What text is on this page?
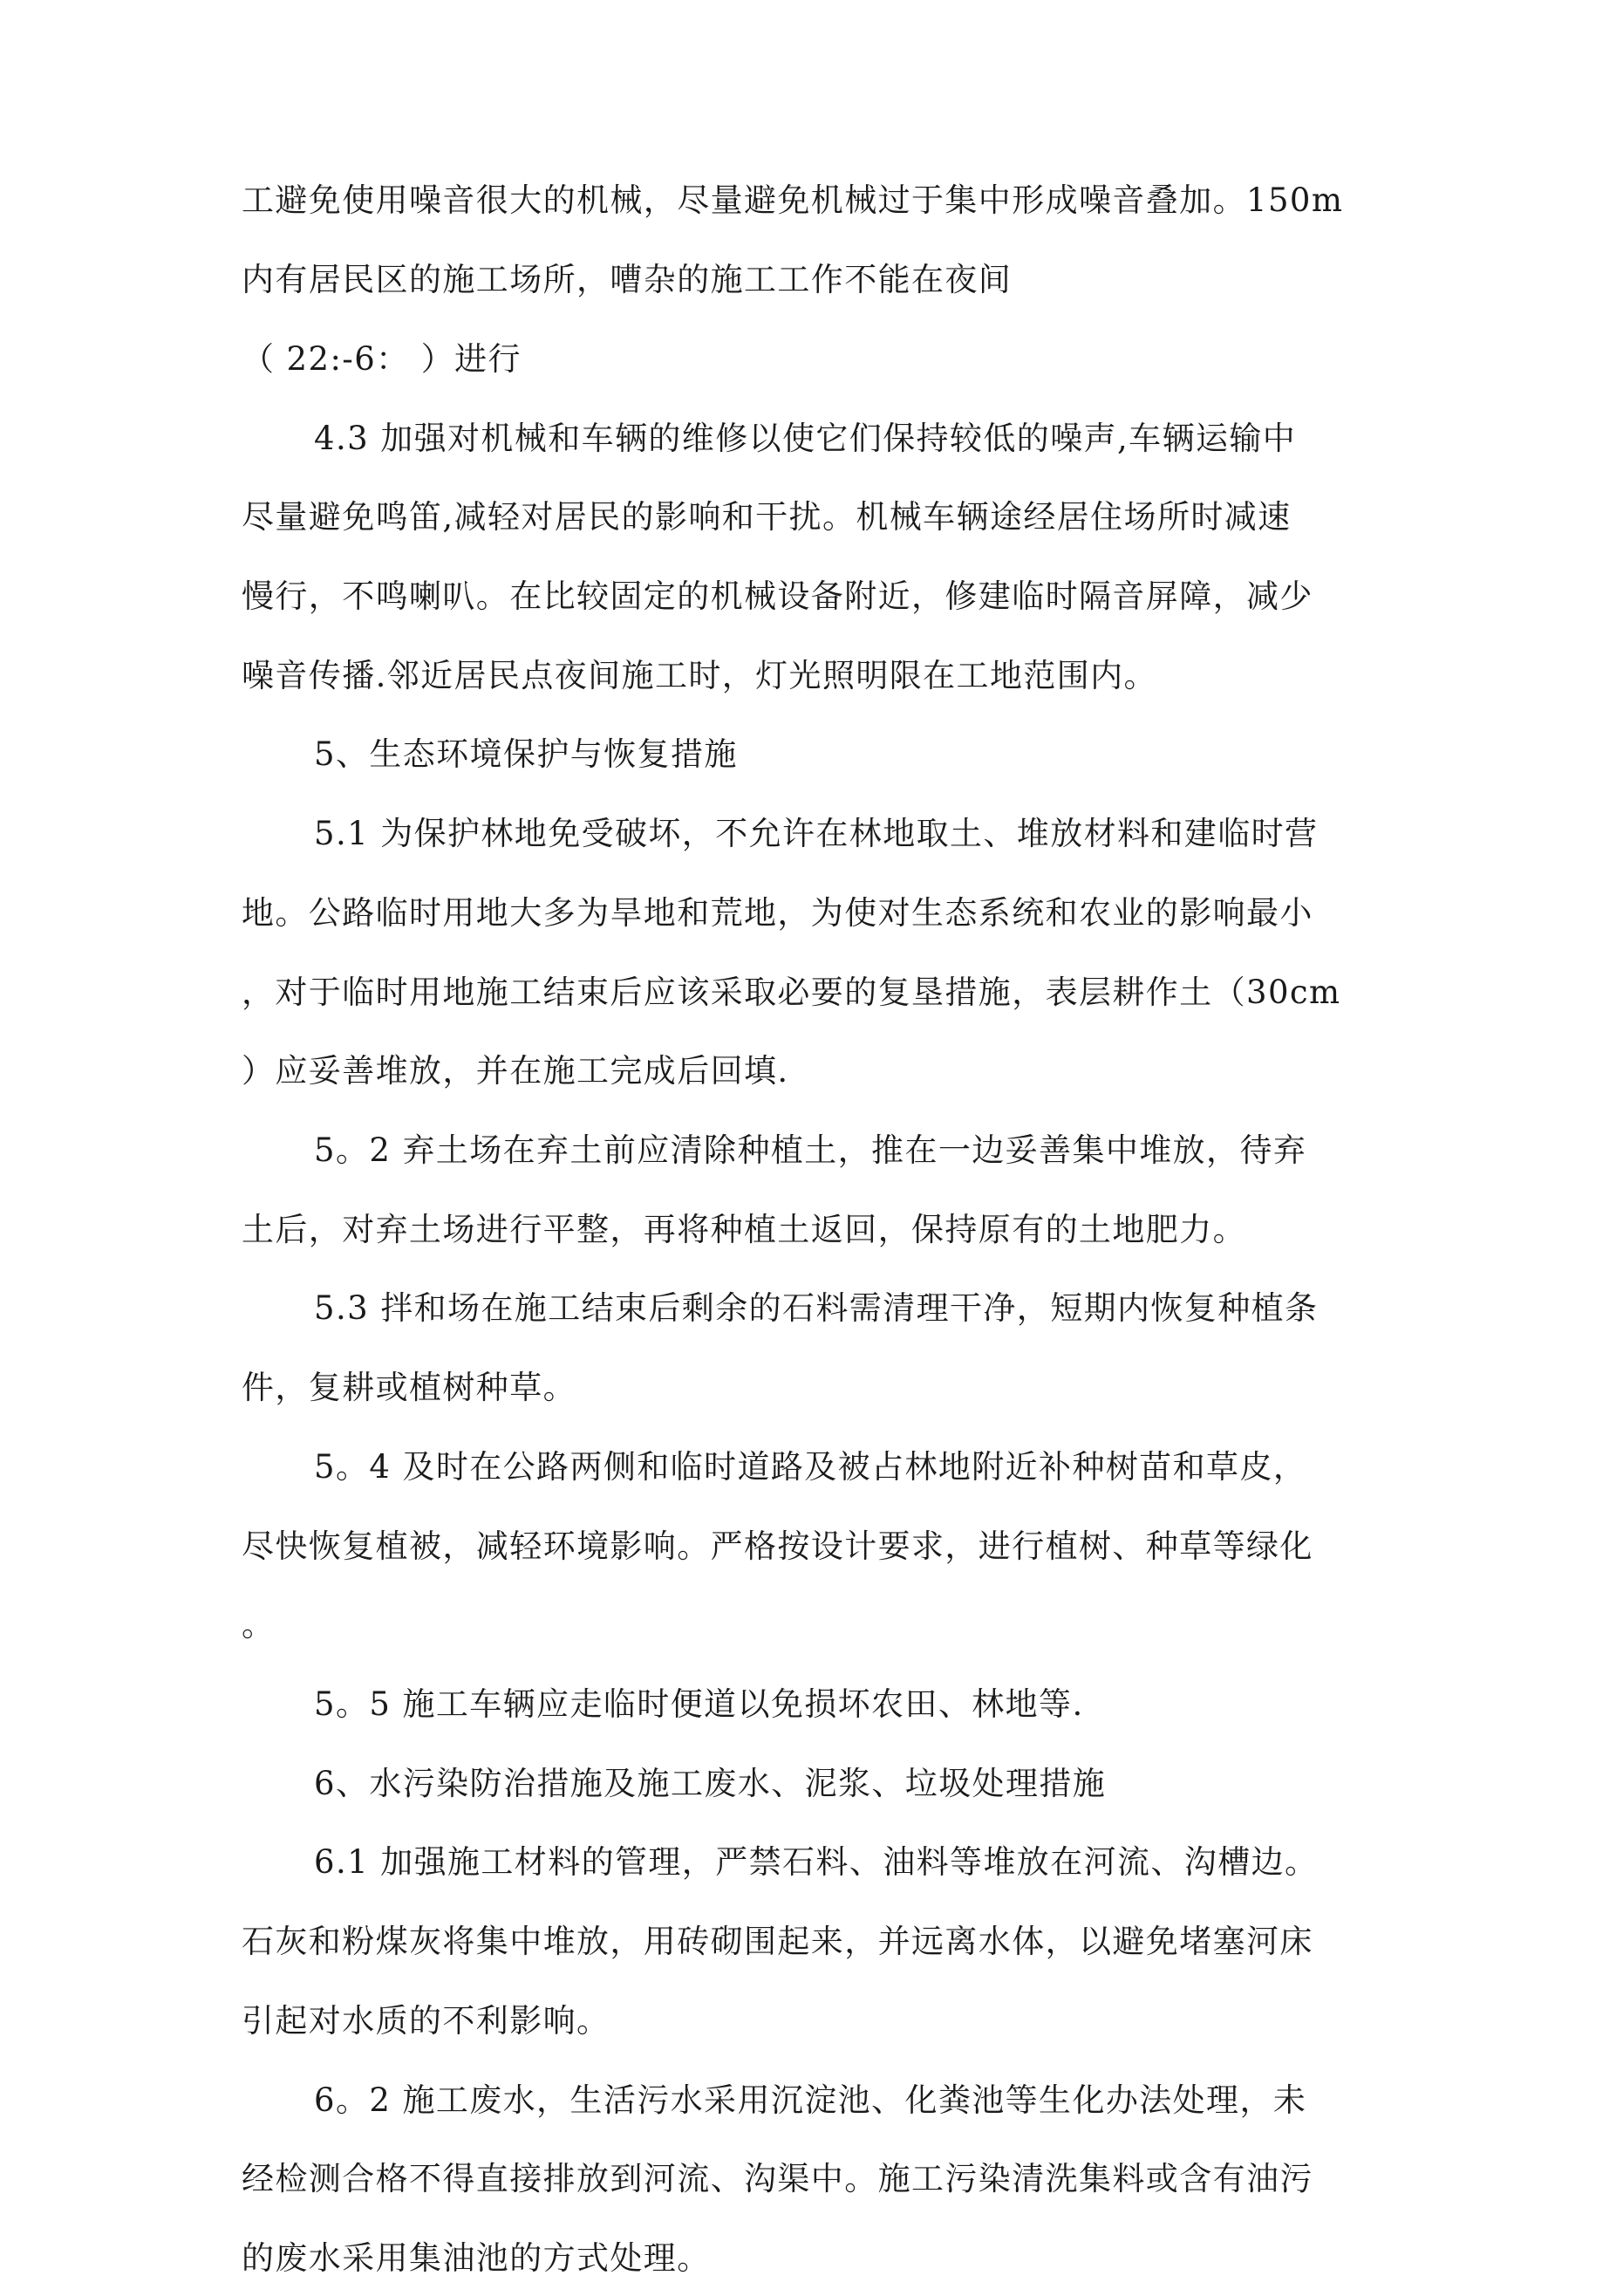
工避免使用噪音很大的机械，尽量避免机械过于集中形成噪音叠加。150m
内有居民区的施工场所，嘈杂的施工工作不能在夜间
（ 22:-6： ）进行
4.3 加强对机械和车辆的维修以使它们保持较低的噪声,车辆运输中
尽量避免鸣笛,减轻对居民的影响和干扰。机械车辆途经居住场所时减速
慢行，不鸣喇叭。在比较固定的机械设备附近，修建临时隔音屏障，减少
噪音传播.邻近居民点夜间施工时，灯光照明限在工地范围内。
5、生态环境保护与恢复措施
5.1 为保护林地免受破坏，不允许在林地取土、堆放材料和建临时营
地。公路临时用地大多为旱地和荒地，为使对生态系统和农业的影响最小
，对于临时用地施工结束后应该采取必要的复垦措施，表层耕作土（30cm
）应妥善堆放，并在施工完成后回填.
5。2 弃土场在弃土前应清除种植土，推在一边妥善集中堆放，待弃
土后，对弃土场进行平整，再将种植土返回，保持原有的土地肥力。
5.3 拌和场在施工结束后剩余的石料需清理干净，短期内恢复种植条
件，复耕或植树种草。
5。4 及时在公路两侧和临时道路及被占林地附近补种树苗和草皮，
尽快恢复植被，减轻环境影响。严格按设计要求，进行植树、种草等绿化
。
5。5 施工车辆应走临时便道以免损坏农田、林地等.
6、水污染防治措施及施工废水、泥浆、垃圾处理措施
6.1 加强施工材料的管理，严禁石料、油料等堆放在河流、沟槽边。
石灰和粉煤灰将集中堆放，用砖砌围起来，并远离水体，以避免堵塞河床
引起对水质的不利影响。
6。2 施工废水，生活污水采用沉淀池、化粪池等生化办法处理，未
经检测合格不得直接排放到河流、沟渠中。施工污染清洗集料或含有油污
的废水采用集油池的方式处理。
